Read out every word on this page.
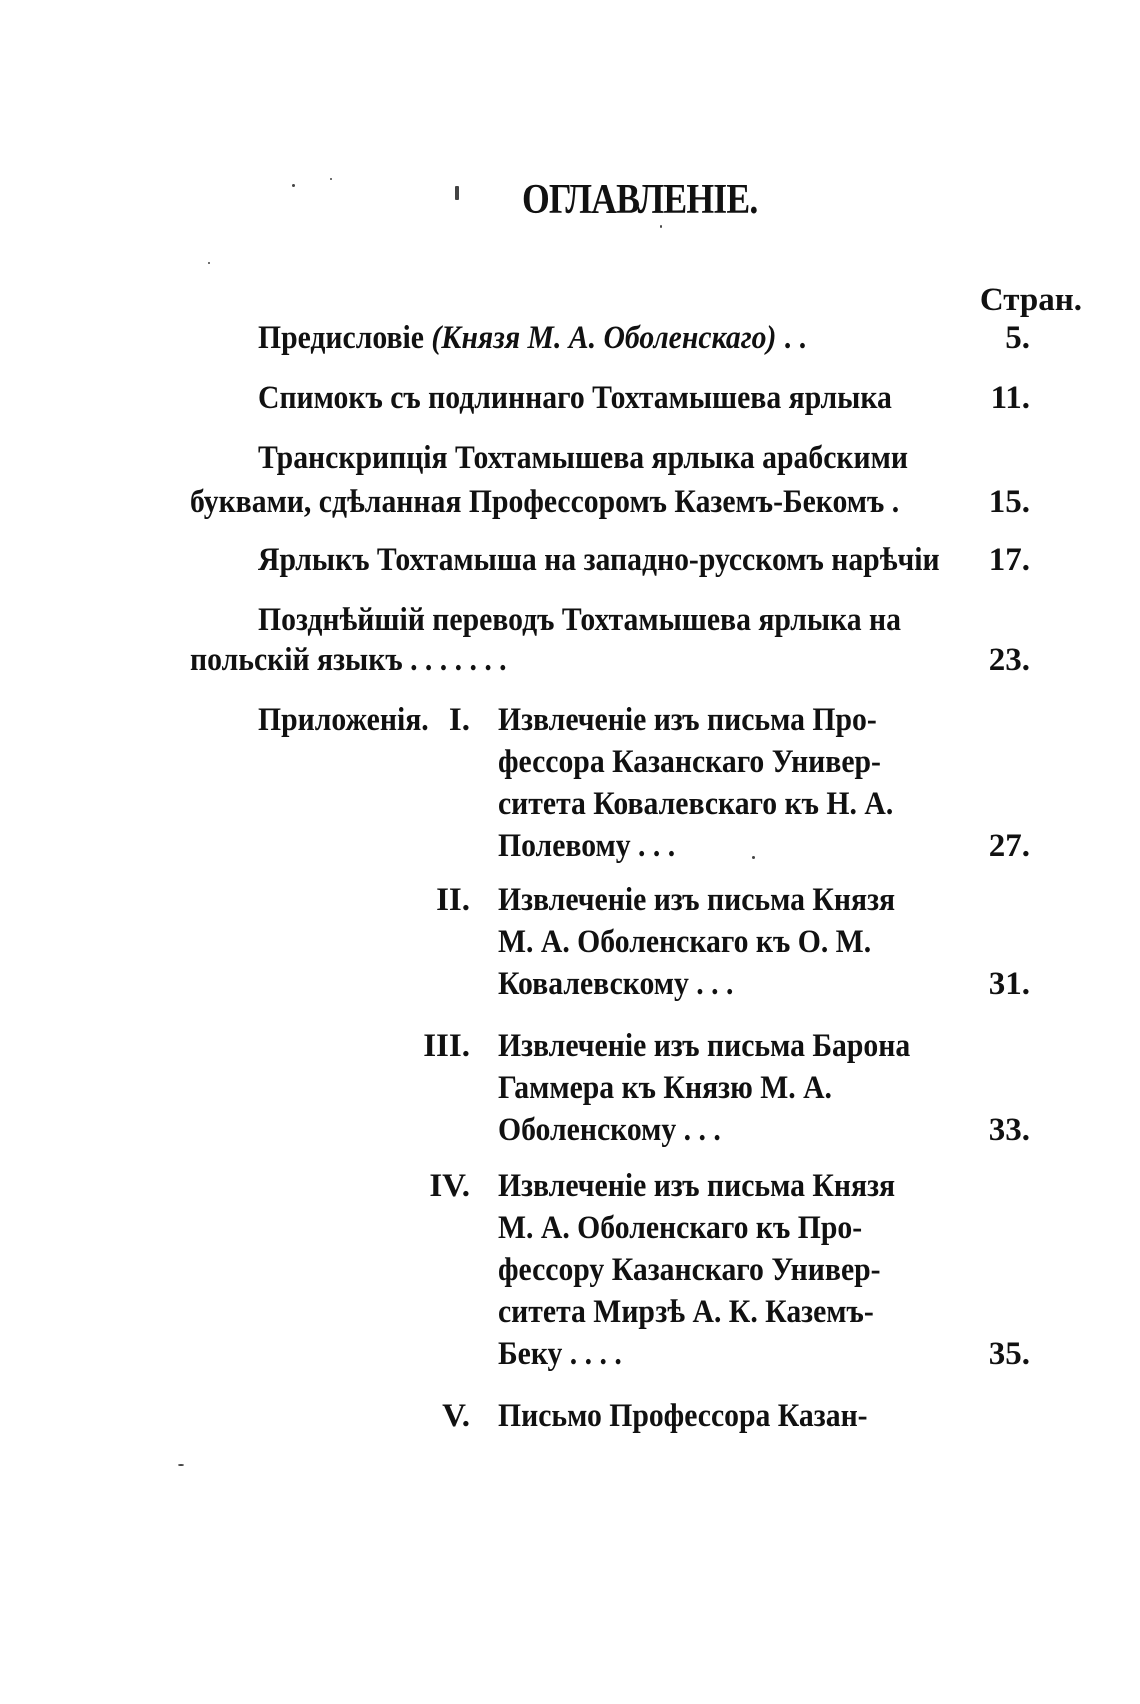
ОГЛАВЛЕНIЕ.
Стран.
Предисловiе (Князя М. А. Оболенскаго) . .	5.
Спимокъ съ подлиннаго Тохтамышева ярлыка	11.
Транскрипцiя Тохтамышева ярлыка арабскими
буквами, сдѣланная Профессоромъ Каземъ-Бекомъ .	15.
Ярлыкъ Тохтамыша на западно-русскомъ нарѣчiи 17.
Позднѣйшiй переводъ Тохтамышева ярлыка на
польскiй языкъ . . . . . . .	23.
Приложенiя. I. Извлеченiе изъ письма Про-
фессора Казанскаго Универ-
ситета Ковалевскаго къ Н. А.
Полевому . . .	27.
II. Извлеченiе изъ письма Князя
М. А. Оболенскаго къ О. М.
Ковалевскому . . .	31.
III. Извлеченiе изъ письма Барона
Гаммера къ Князю М. А.
Оболенскому . . .	33.
IV. Извлеченiе изъ письма Князя
М. А. Оболенскаго къ Про-
фессору Казанскаго Универ-
ситета Мирзѣ А. К. Каземъ-
Беку . . . .	35.
V. Письмо Профессора Казан-
